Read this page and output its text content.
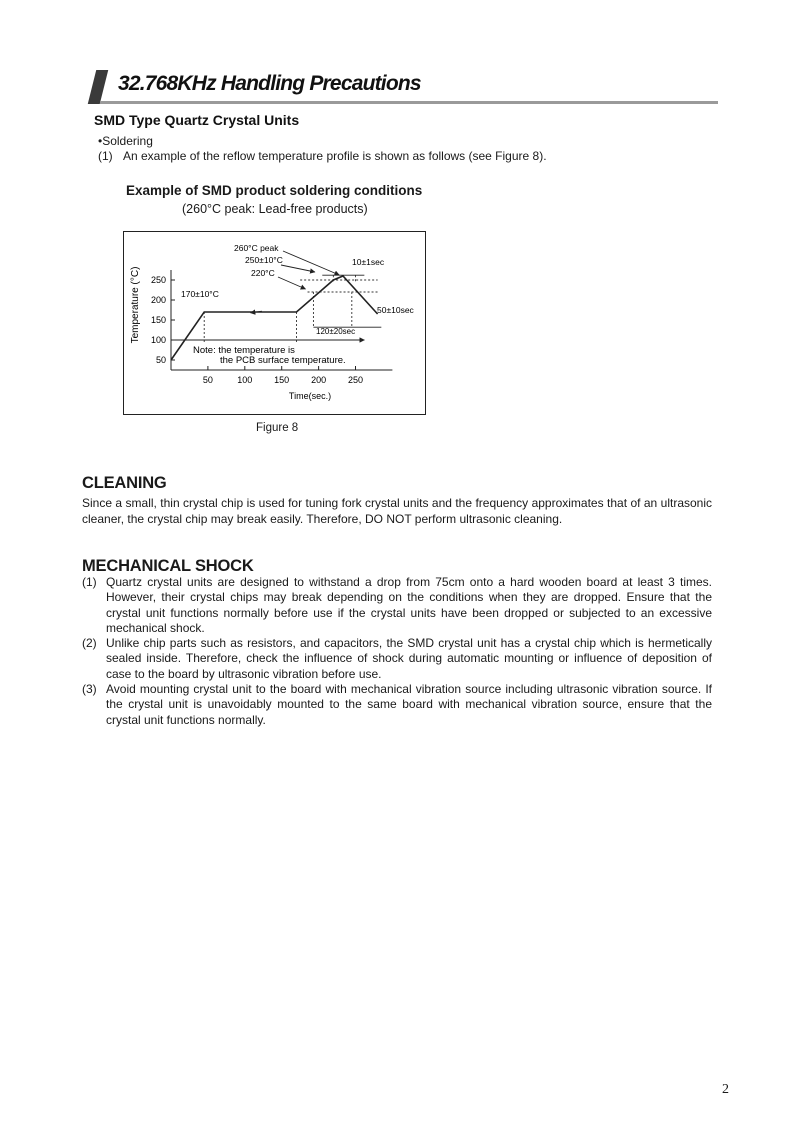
32.768KHz Handling Precautions
SMD Type Quartz Crystal Units
•Soldering
(1) An example of the reflow temperature profile is shown as follows (see Figure 8).
Example of SMD product soldering conditions
(260°C peak: Lead-free products)
50	100 150 200 250
250
200
150
100
50
260°C peak
250±10°C
220°C
170±10°C
10±1sec
50±10sec
120±20sec
Note: the temperature is
the PCB surface temperature.
Time(sec.)
Temperature (°C)
Figure 8
CLEANING
Since a small, thin crystal chip is used for tuning fork crystal units and the frequency approximates that of an ultrasonic cleaner, the crystal chip may break easily. Therefore, DO NOT perform ultrasonic cleaning.
MECHANICAL SHOCK
(1) Quartz crystal units are designed to withstand a drop from 75cm onto a hard wooden board at least 3 times. However, their crystal chips may break depending on the conditions when they are dropped. Ensure that the crystal unit functions normally before use if the crystal units have been dropped or subjected to an excessive mechanical shock.
(2) Unlike chip parts such as resistors, and capacitors, the SMD crystal unit has a crystal chip which is hermetically sealed inside. Therefore, check the influence of shock during automatic mounting or influence of deposition of case to the board by ultrasonic vibration before use.
(3) Avoid mounting crystal unit to the board with mechanical vibration source including ultrasonic vibration source. If the crystal unit is unavoidably mounted to the same board with mechanical vibration source, ensure that the crystal unit functions normally.
2
